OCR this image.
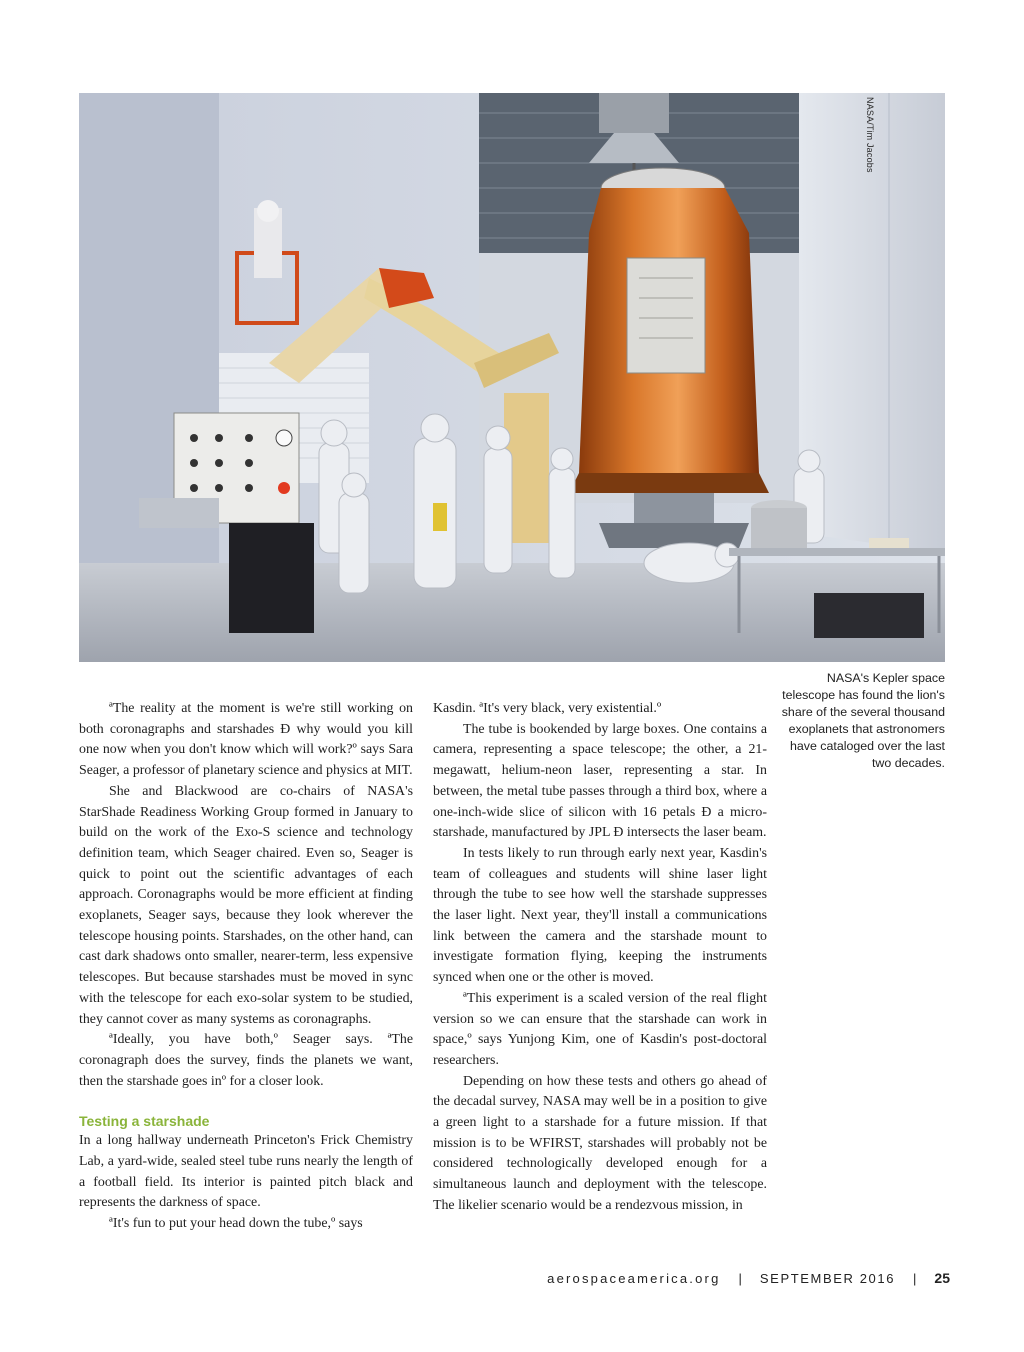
NASA/Tim Jacobs
NASA's Kepler space telescope has found the lion's share of the several thousand exoplanets that astronomers have cataloged over the last two decades.

ªThe reality at the moment is we're still working on both coronagraphs and starshades Ð why would you kill one now when you don't know which will work?º says Sara Seager, a professor of planetary science and physics at MIT.

She and Blackwood are co-chairs of NASA's StarShade Readiness Working Group formed in January to build on the work of the Exo-S science and technology definition team, which Seager chaired. Even so, Seager is quick to point out the scientific advantages of each approach. Coronagraphs would be more efficient at finding exoplanets, Seager says, because they look wherever the telescope housing points. Starshades, on the other hand, can cast dark shadows onto smaller, nearer-term, less expensive telescopes. But because starshades must be moved in sync with the telescope for each exo-solar system to be studied, they cannot cover as many systems as coronagraphs.

ªIdeally, you have both,º Seager says. ªThe coronagraph does the survey, finds the planets we want, then the starshade goes inº for a closer look.

Testing a starshade

In a long hallway underneath Princeton's Frick Chemistry Lab, a yard-wide, sealed steel tube runs nearly the length of a football field. Its interior is painted pitch black and represents the darkness of space.

ªIt's fun to put your head down the tube,º says

Kasdin. ªIt's very black, very existential.º

The tube is bookended by large boxes. One contains a camera, representing a space telescope; the other, a 21-megawatt, helium-neon laser, representing a star. In between, the metal tube passes through a third box, where a one-inch-wide slice of silicon with 16 petals Ð a micro-starshade, manufactured by JPL Ð intersects the laser beam.

In tests likely to run through early next year, Kasdin's team of colleagues and students will shine laser light through the tube to see how well the starshade suppresses the laser light. Next year, they'll install a communications link between the camera and the starshade mount to investigate formation flying, keeping the instruments synced when one or the other is moved.

ªThis experiment is a scaled version of the real flight version so we can ensure that the starshade can work in space,º says Yunjong Kim, one of Kasdin's post-doctoral researchers.

Depending on how these tests and others go ahead of the decadal survey, NASA may well be in a position to give a green light to a starshade for a future mission. If that mission is to be WFIRST, starshades will probably not be considered technologically developed enough for a simultaneous launch and deployment with the telescope. The likelier scenario would be a rendezvous mission, in

aerospaceamerica.org | SEPTEMBER 2016 | 25
